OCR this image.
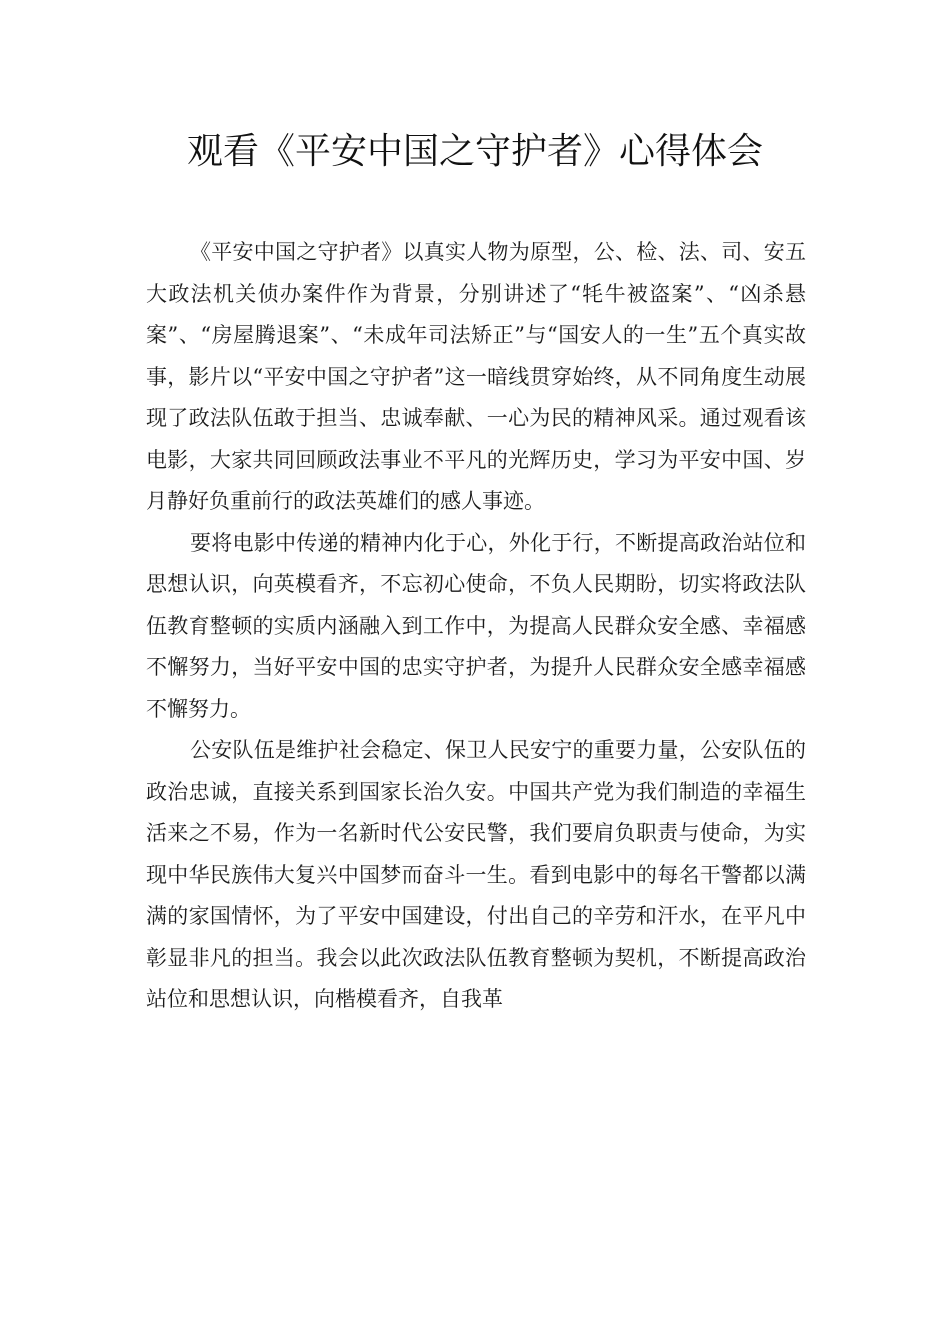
观看《平安中国之守护者》心得体会

《平安中国之守护者》以真实人物为原型，公、检、法、司、安五大政法机关侦办案件作为背景，分别讲述了“牦牛被盗案”、“凶杀悬案”、“房屋腾退案”、“未成年司法矫正”与“国安人的一生”五个真实故事，影片以“平安中国之守护者”这一暗线贯穿始终，从不同角度生动展现了政法队伍敢于担当、忠诚奉献、一心为民的精神风采。通过观看该电影，大家共同回顾政法事业不平凡的光辉历史，学习为平安中国、岁月静好负重前行的政法英雄们的感人事迹。

要将电影中传递的精神内化于心，外化于行，不断提高政治站位和思想认识，向英模看齐，不忘初心使命，不负人民期盼，切实将政法队伍教育整顿的实质内涵融入到工作中，为提高人民群众安全感、幸福感不懈努力，当好平安中国的忠实守护者，为提升人民群众安全感幸福感不懈努力。

公安队伍是维护社会稳定、保卫人民安宁的重要力量，公安队伍的政治忠诚，直接关系到国家长治久安。中国共产党为我们制造的幸福生活来之不易，作为一名新时代公安民警，我们要肩负职责与使命，为实现中华民族伟大复兴中国梦而奋斗一生。看到电影中的每名干警都以满满的家国情怀，为了平安中国建设，付出自己的辛劳和汗水，在平凡中彰显非凡的担当。我会以此次政法队伍教育整顿为契机，不断提高政治站位和思想认识，向楷模看齐，自我革
